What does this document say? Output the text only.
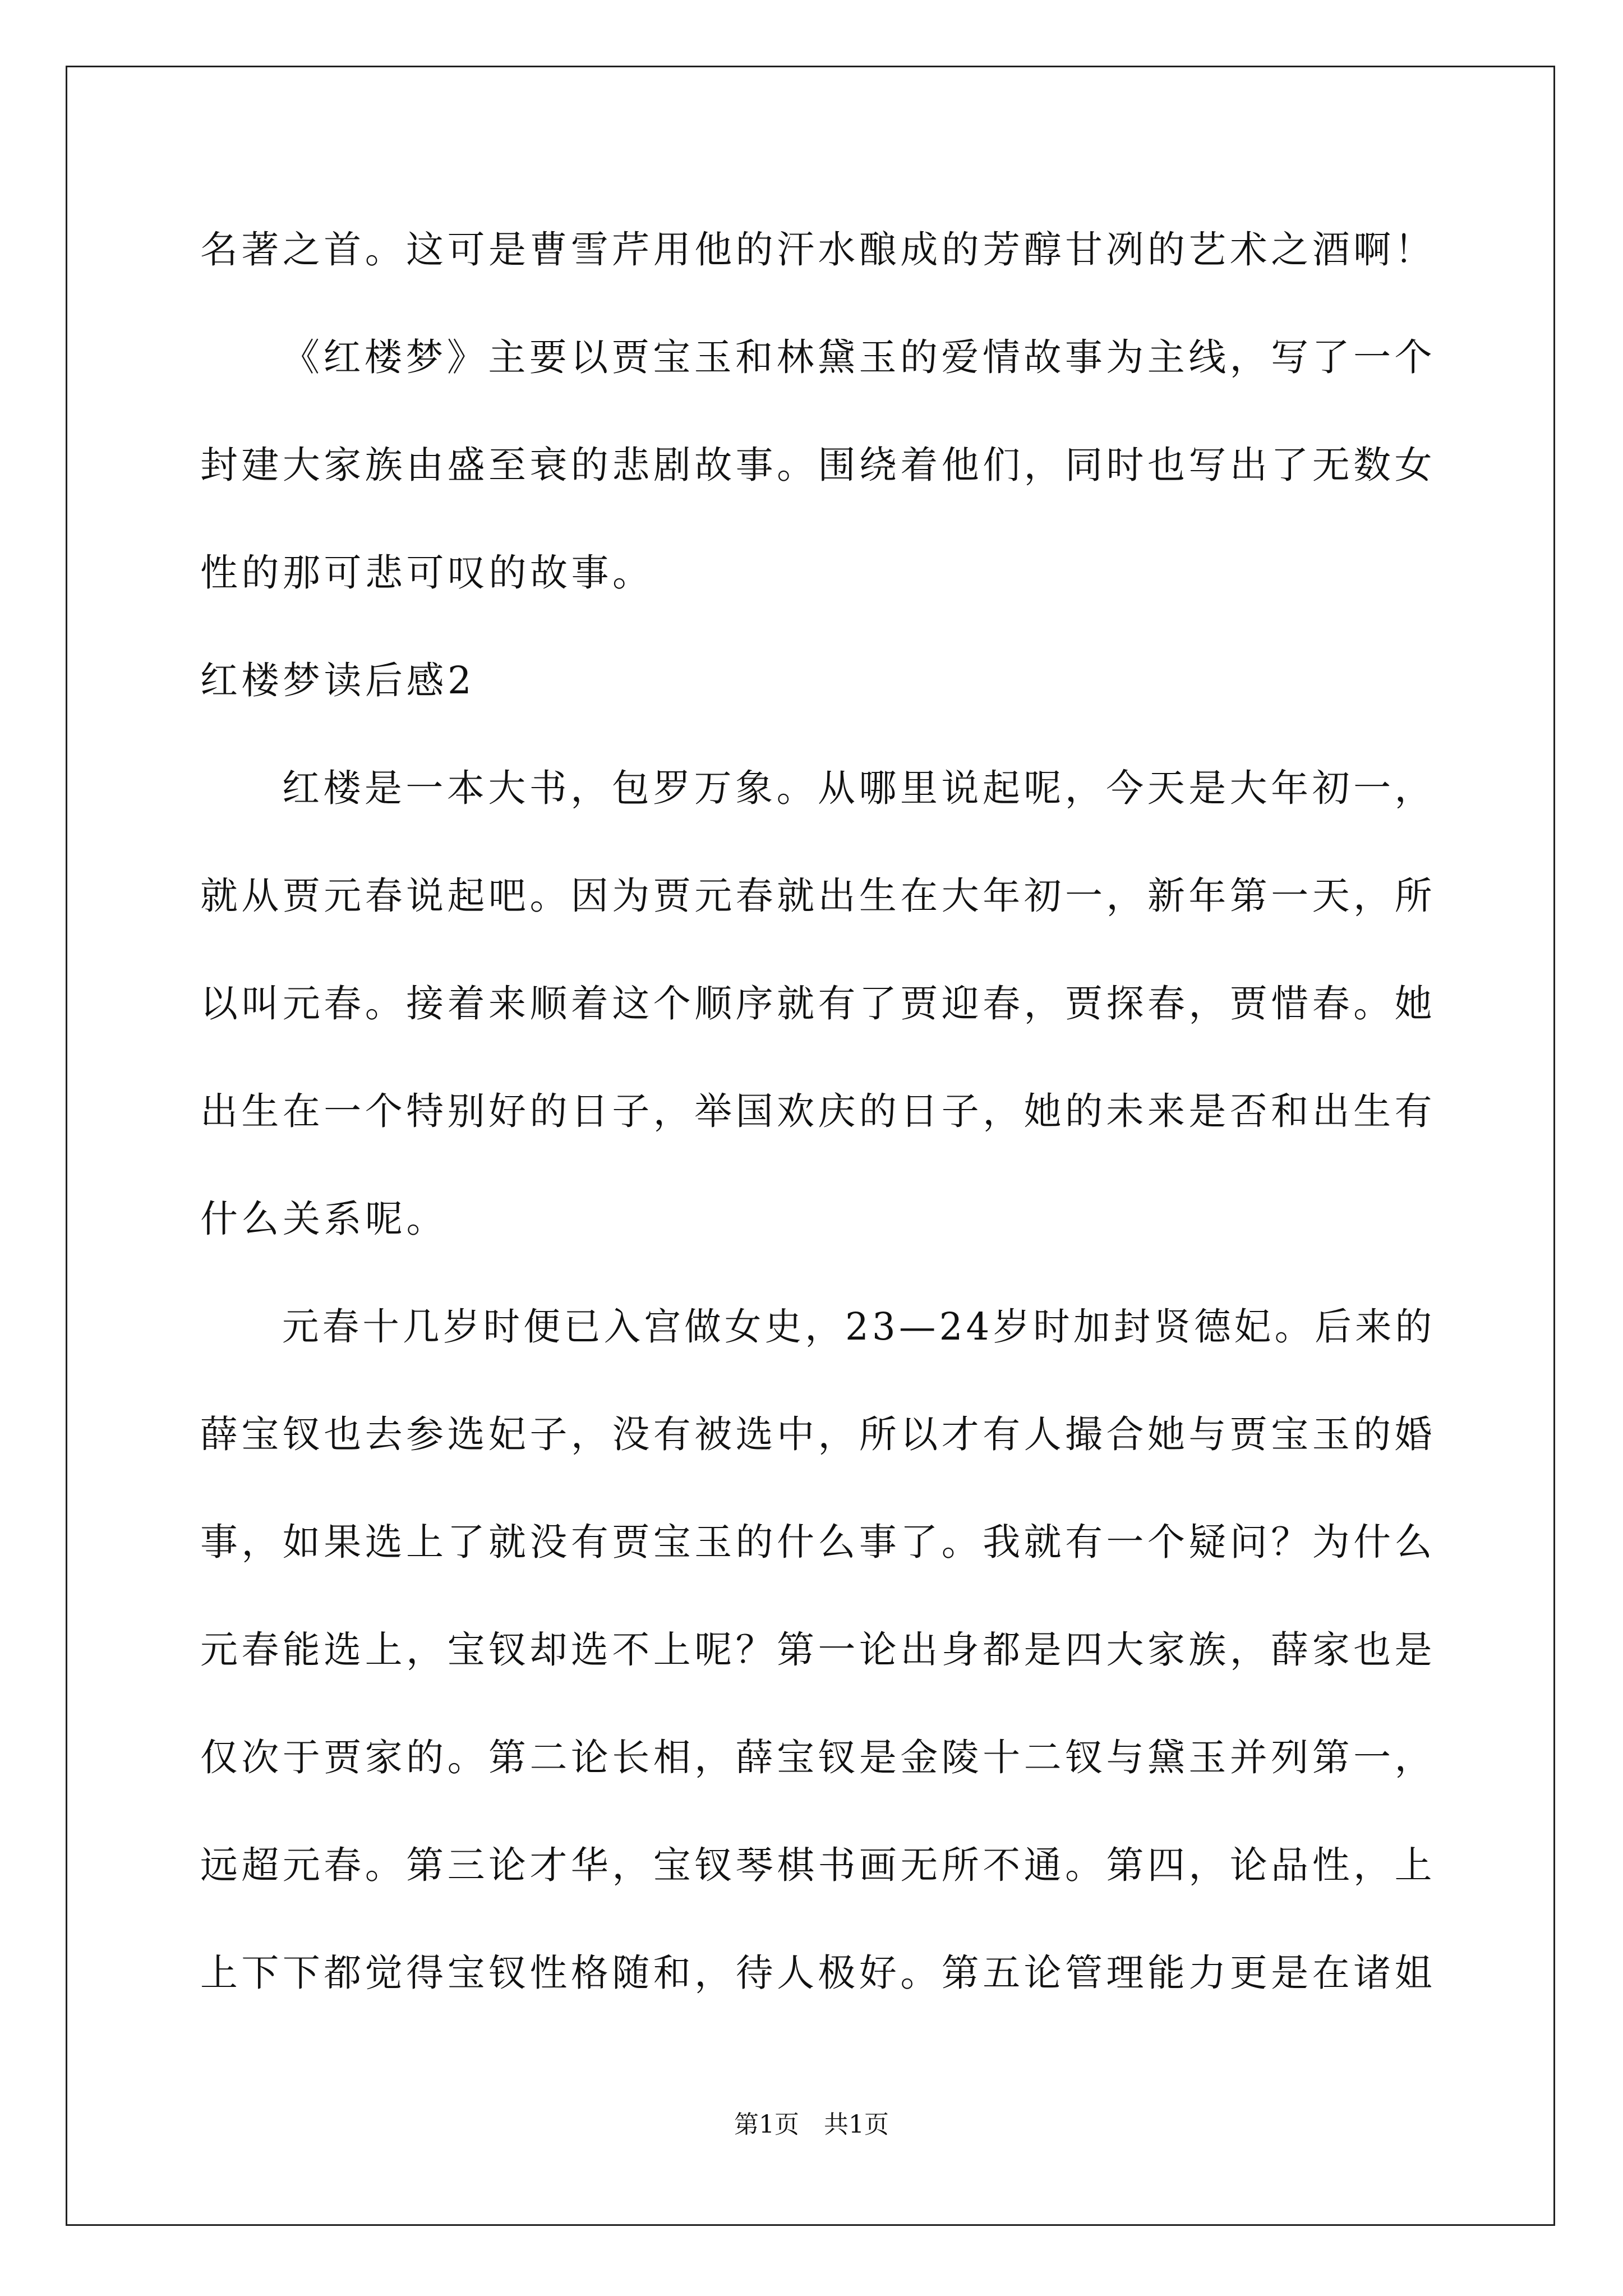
名著之首。这可是曹雪芹用他的汗水酿成的芳醇甘冽的艺术之酒啊！
《红楼梦》主要以贾宝玉和林黛玉的爱情故事为主线，写了一个
封建大家族由盛至衰的悲剧故事。围绕着他们，同时也写出了无数女
性的那可悲可叹的故事。
红楼梦读后感2
红楼是一本大书，包罗万象。从哪里说起呢，今天是大年初一，
就从贾元春说起吧。因为贾元春就出生在大年初一，新年第一天，所
以叫元春。接着来顺着这个顺序就有了贾迎春，贾探春，贾惜春。她
出生在一个特别好的日子，举国欢庆的日子，她的未来是否和出生有
什么关系呢。
元春十几岁时便已入宫做女史，23—24岁时加封贤德妃。后来的
薛宝钗也去参选妃子，没有被选中，所以才有人撮合她与贾宝玉的婚
事，如果选上了就没有贾宝玉的什么事了。我就有一个疑问？为什么
元春能选上，宝钗却选不上呢？第一论出身都是四大家族，薛家也是
仅次于贾家的。第二论长相，薛宝钗是金陵十二钗与黛玉并列第一，
远超元春。第三论才华，宝钗琴棋书画无所不通。第四，论品性，上
上下下都觉得宝钗性格随和，待人极好。第五论管理能力更是在诸姐
第1页　共1页
